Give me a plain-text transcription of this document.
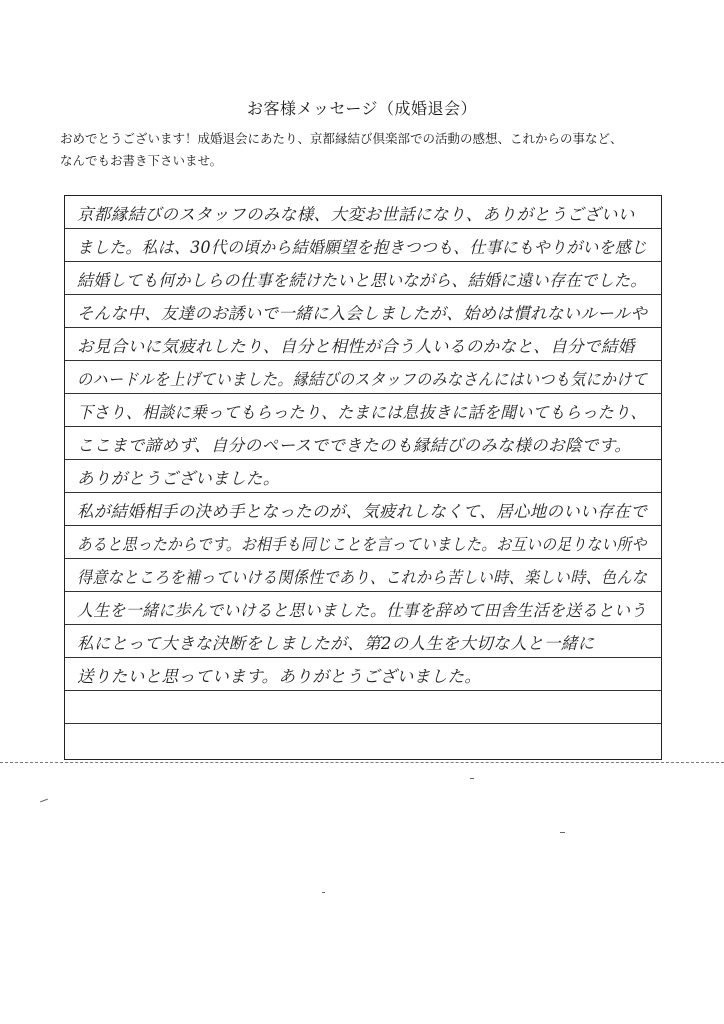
お客様メッセージ（成婚退会）
おめでとうございます！成婚退会にあたり、京都縁結び倶楽部での活動の感想、これからの事など、
なんでもお書き下さいませ。
京都縁結びのスタッフのみな様、大変お世話になり、ありがとうございい
ました。私は、30代の頃から結婚願望を抱きつつも、仕事にもやりがいを感じ
結婚しても何かしらの仕事を続けたいと思いながら、結婚に遠い存在でした。
そんな中、友達のお誘いで一緒に入会しましたが、始めは慣れないルールや
お見合いに気疲れしたり、自分と相性が合う人いるのかなと、自分で結婚
のハードルを上げていました。縁結びのスタッフのみなさんにはいつも気にかけて
下さり、相談に乗ってもらったり、たまには息抜きに話を聞いてもらったり、
ここまで諦めず、自分のペースでできたのも縁結びのみな様のお陰です。
ありがとうございました。
私が結婚相手の決め手となったのが、気疲れしなくて、居心地のいい存在で
あると思ったからです。お相手も同じことを言っていました。お互いの足りない所や
得意なところを補っていける関係性であり、これから苦しい時、楽しい時、色んな
人生を一緒に歩んでいけると思いました。仕事を辞めて田舎生活を送るという
私にとって大きな決断をしましたが、第2の人生を大切な人と一緒に
送りたいと思っています。ありがとうございました。
